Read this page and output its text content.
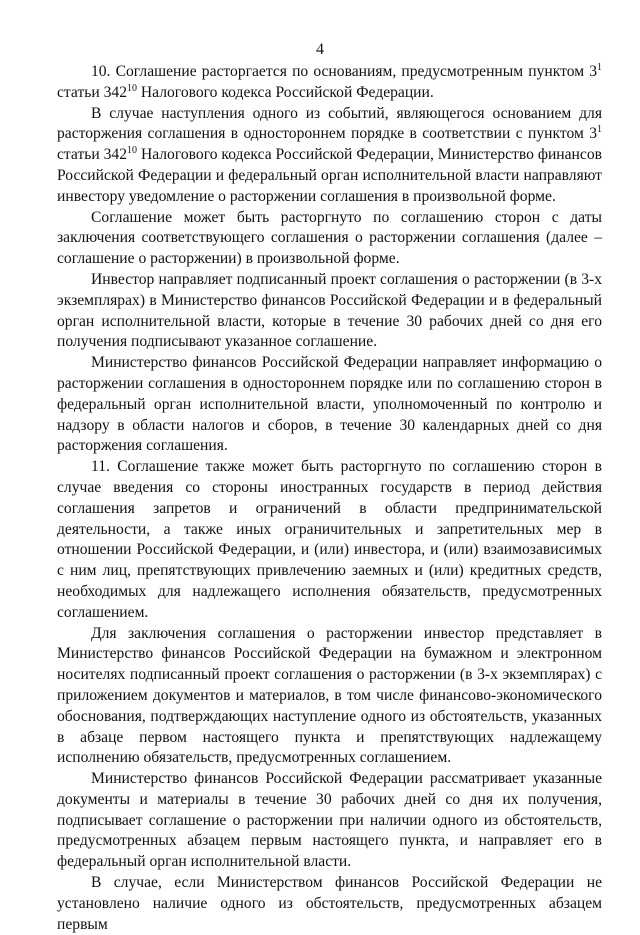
4

10. Соглашение расторгается по основаниям, предусмотренным пунктом $3^1$ статьи $342^{10}$ Налогового кодекса Российской Федерации.

В случае наступления одного из событий, являющегося основанием для расторжения соглашения в одностороннем порядке в соответствии с пунктом $3^1$ статьи $342^{10}$ Налогового кодекса Российской Федерации, Министерство финансов Российской Федерации и федеральный орган исполнительной власти направляют инвестору уведомление о расторжении соглашения в произвольной форме.

Соглашение может быть расторгнуто по соглашению сторон с даты заключения соответствующего соглашения о расторжении соглашения (далее – соглашение о расторжении) в произвольной форме.

Инвестор направляет подписанный проект соглашения о расторжении (в 3-х экземплярах) в Министерство финансов Российской Федерации и в федеральный орган исполнительной власти, которые в течение 30 рабочих дней со дня его получения подписывают указанное соглашение.

Министерство финансов Российской Федерации направляет информацию о расторжении соглашения в одностороннем порядке или по соглашению сторон в федеральный орган исполнительной власти, уполномоченный по контролю и надзору в области налогов и сборов, в течение 30 календарных дней со дня расторжения соглашения.

11. Соглашение также может быть расторгнуто по соглашению сторон в случае введения со стороны иностранных государств в период действия соглашения запретов и ограничений в области предпринимательской деятельности, а также иных ограничительных и запретительных мер в отношении Российской Федерации, и (или) инвестора, и (или) взаимозависимых с ним лиц, препятствующих привлечению заемных и (или) кредитных средств, необходимых для надлежащего исполнения обязательств, предусмотренных соглашением.

Для заключения соглашения о расторжении инвестор представляет в Министерство финансов Российской Федерации на бумажном и электронном носителях подписанный проект соглашения о расторжении (в 3-х экземплярах) с приложением документов и материалов, в том числе финансово-экономического обоснования, подтверждающих наступление одного из обстоятельств, указанных в абзаце первом настоящего пункта и препятствующих надлежащему исполнению обязательств, предусмотренных соглашением.

Министерство финансов Российской Федерации рассматривает указанные документы и материалы в течение 30 рабочих дней со дня их получения, подписывает соглашение о расторжении при наличии одного из обстоятельств, предусмотренных абзацем первым настоящего пункта, и направляет его в федеральный орган исполнительной власти.

В случае, если Министерством финансов Российской Федерации не установлено наличие одного из обстоятельств, предусмотренных абзацем первым
